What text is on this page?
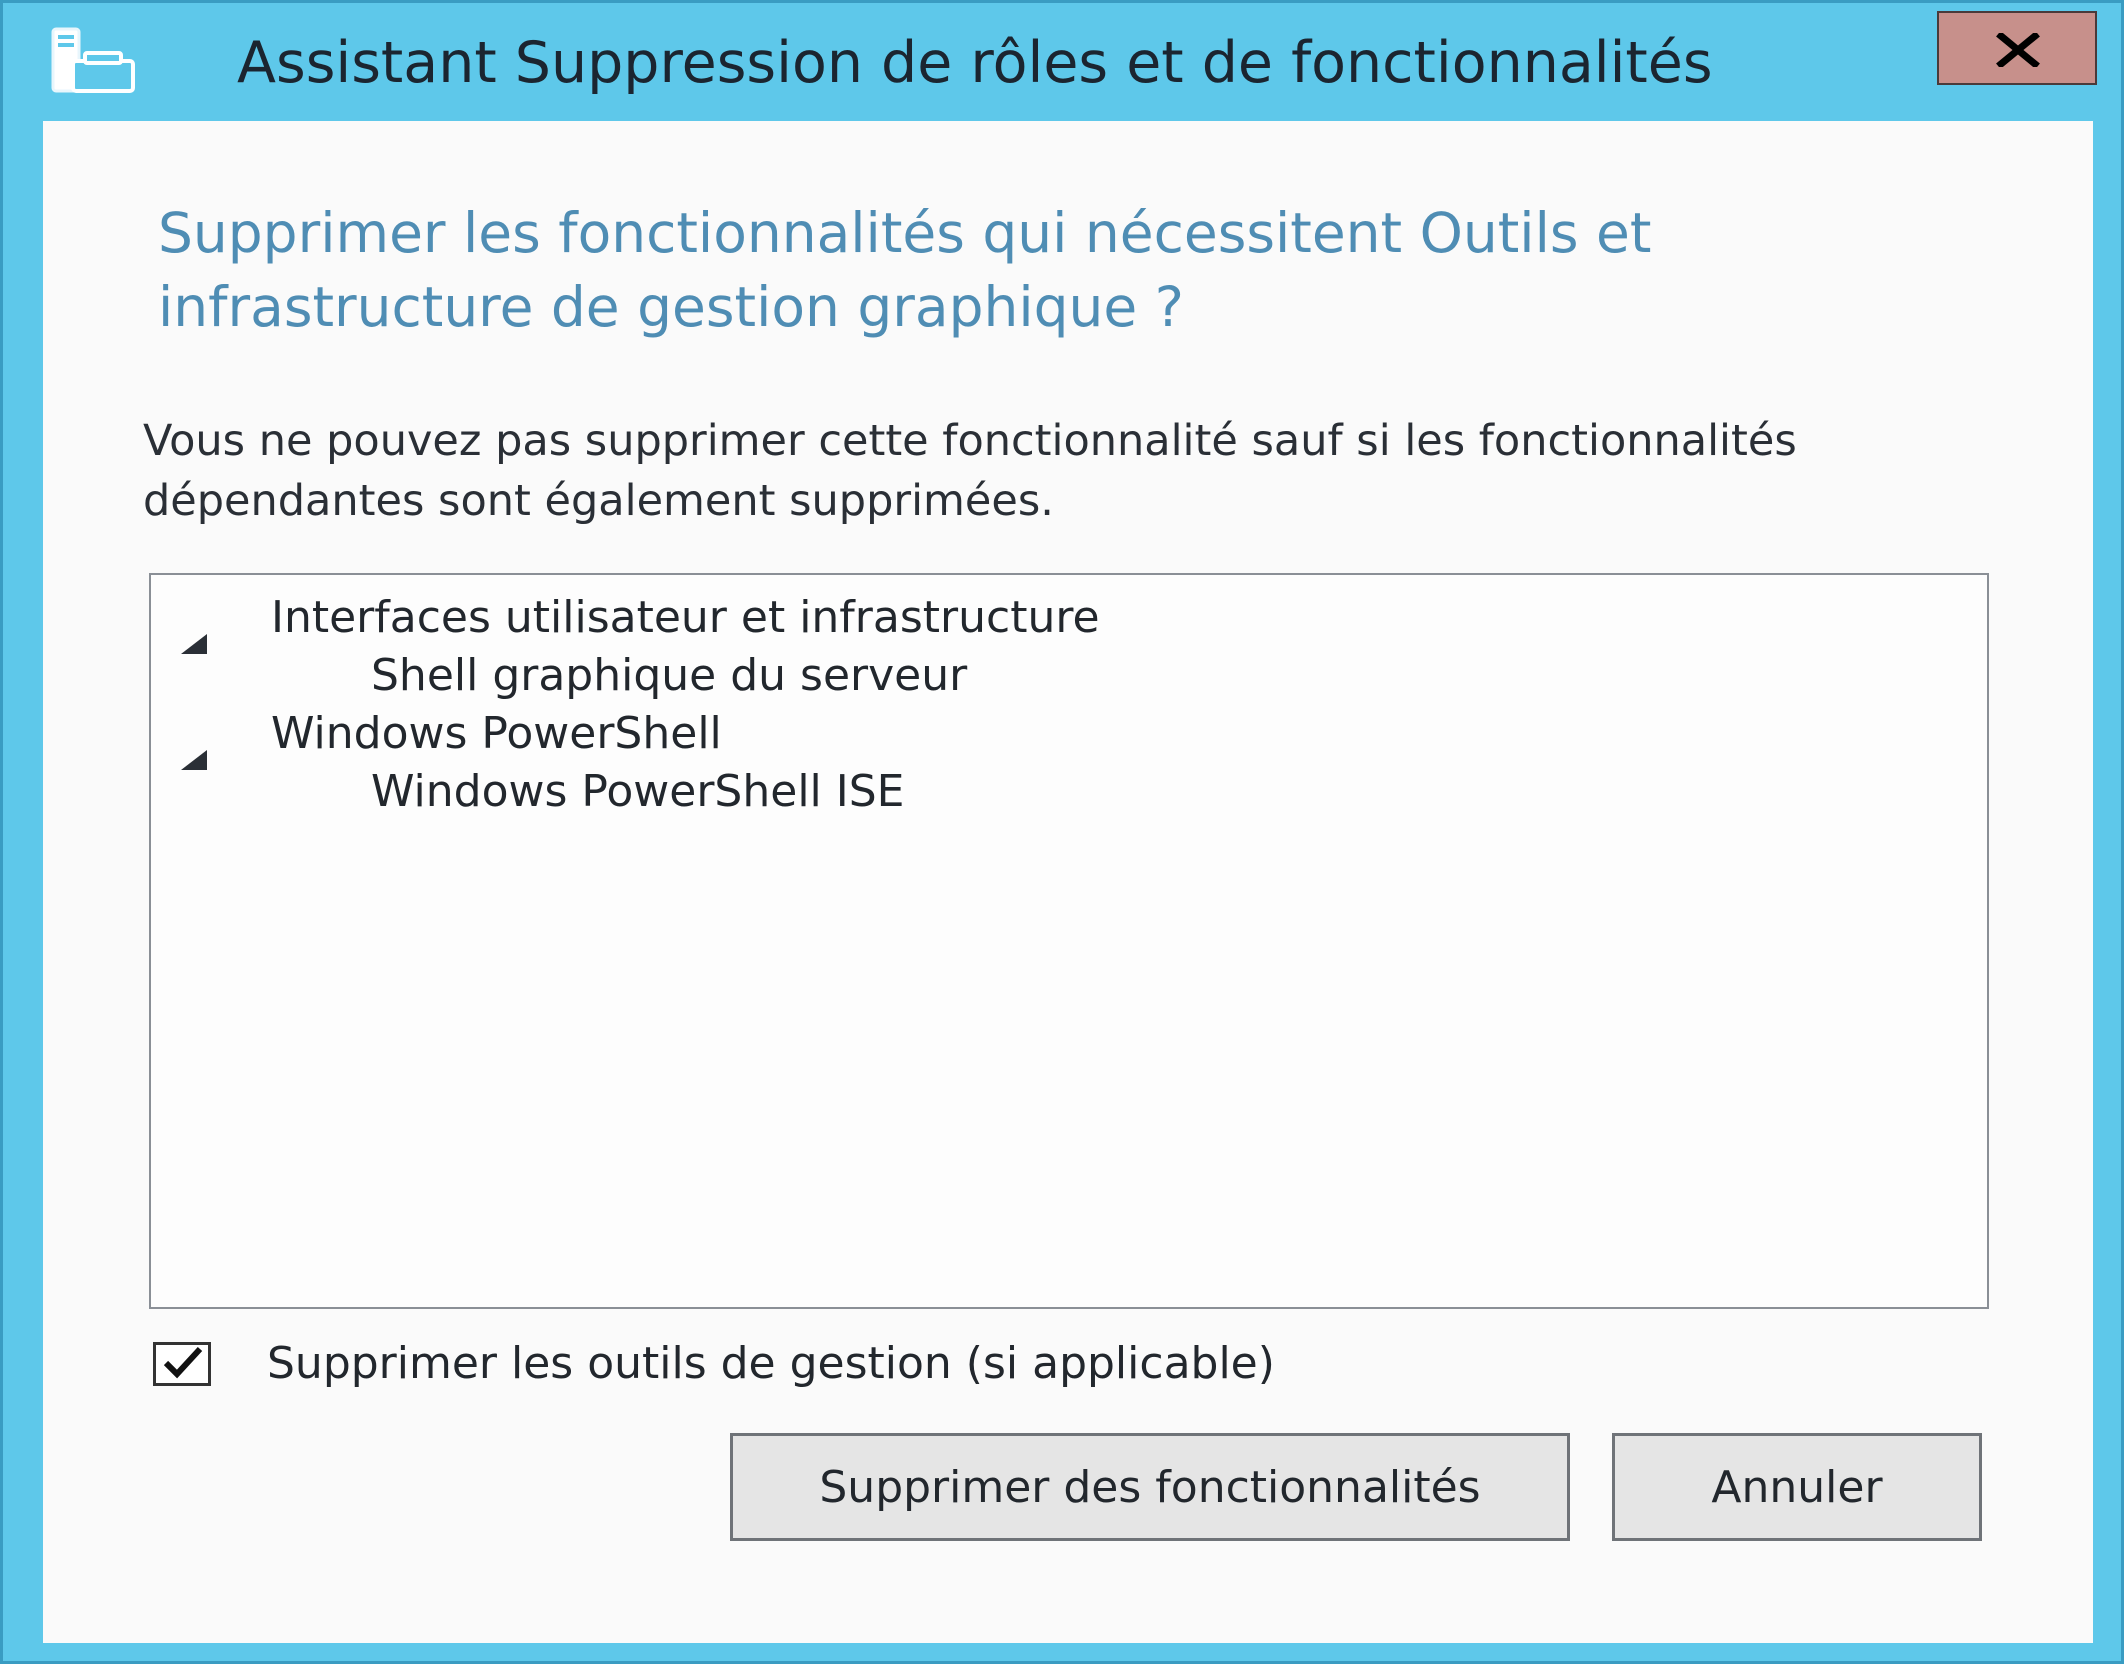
Assistant Suppression de rôles et de fonctionnalités
Supprimer les fonctionnalités qui nécessitent Outils et infrastructure de gestion graphique ?

Vous ne pouvez pas supprimer cette fonctionnalité sauf si les fonctionnalités dépendantes sont également supprimées.

Interfaces utilisateur et infrastructure
Shell graphique du serveur
Windows PowerShell
Windows PowerShell ISE
Supprimer les outils de gestion (si applicable)
Supprimer des fonctionnalités	Annuler
